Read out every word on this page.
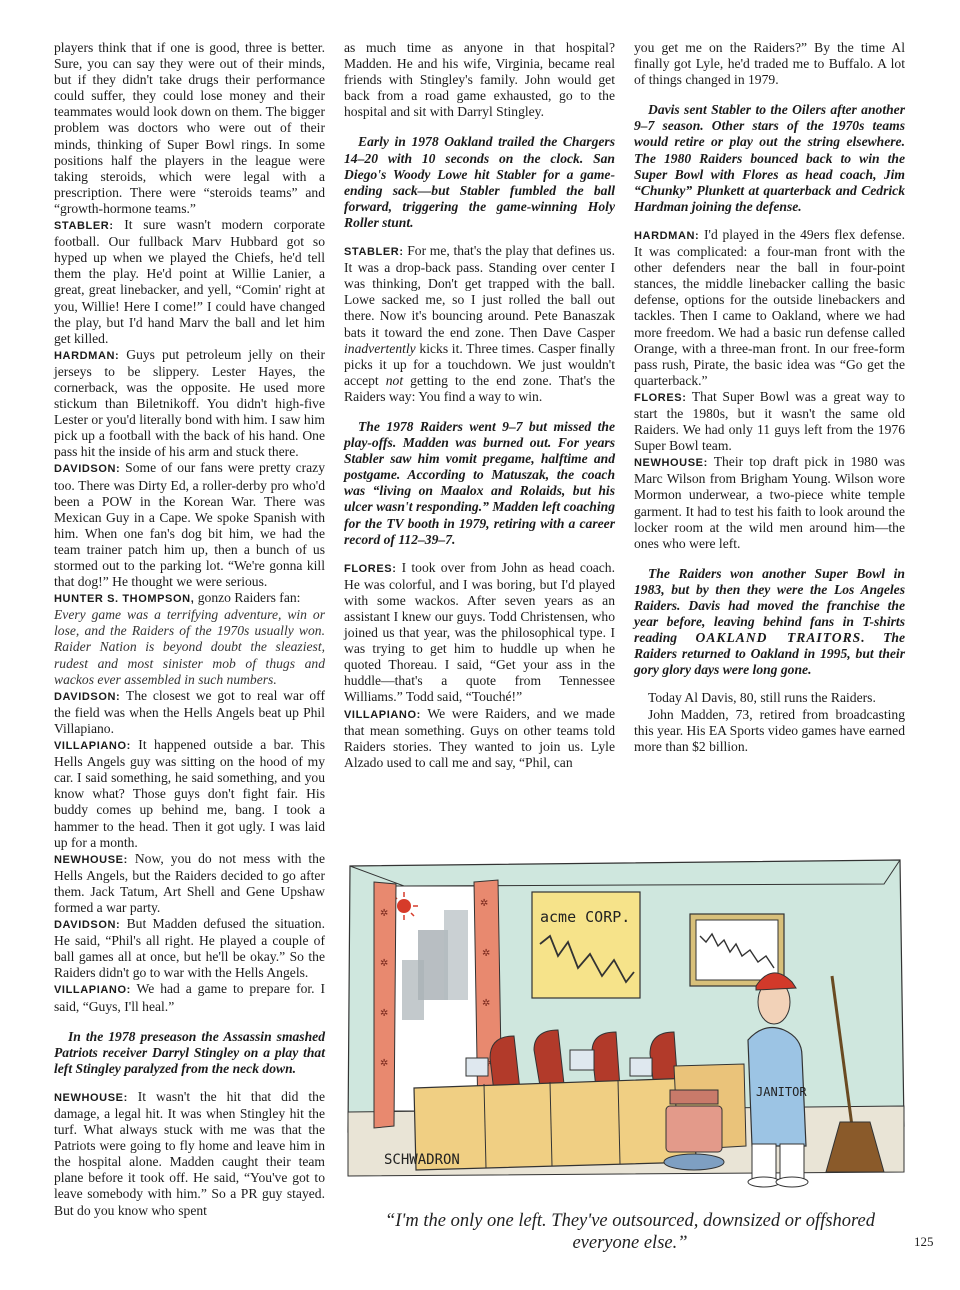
players think that if one is good, three is better. Sure, you can say they were out of their minds, but if they didn't take drugs their performance could suffer, they could lose money and their teammates would look down on them. The bigger problem was doctors who were out of their minds, thinking of Super Bowl rings. In some positions half the players in the league were taking steroids, which were legal with a prescription. There were “steroids teams” and “growth-hormone teams.”

STABLER: It sure wasn't modern corporate football. Our fullback Marv Hubbard got so hyped up when we played the Chiefs, he'd tell them the play. He'd point at Willie Lanier, a great, great linebacker, and yell, “Comin' right at you, Willie! Here I come!” I could have changed the play, but I'd hand Marv the ball and let him get killed.

HARDMAN: Guys put petroleum jelly on their jerseys to be slippery. Lester Hayes, the cornerback, was the opposite. He used more stickum than Biletnikoff. You didn't high-five Lester or you'd literally bond with him. I saw him pick up a football with the back of his hand. One pass hit the inside of his arm and stuck there.

DAVIDSON: Some of our fans were pretty crazy too. There was Dirty Ed, a roller-derby pro who'd been a POW in the Korean War. There was Mexican Guy in a Cape. We spoke Spanish with him. When one fan's dog bit him, we had the team trainer patch him up, then a bunch of us stormed out to the parking lot. “We're gonna kill that dog!” He thought we were serious.

HUNTER S. THOMPSON, gonzo Raiders fan:

Every game was a terrifying adventure, win or lose, and the Raiders of the 1970s usually won. Raider Nation is beyond doubt the sleaziest, rudest and most sinister mob of thugs and wackos ever assembled in such numbers.

DAVIDSON: The closest we got to real war off the field was when the Hells Angels beat up Phil Villapiano.

VILLAPIANO: It happened outside a bar. This Hells Angels guy was sitting on the hood of my car. I said something, he said something, and you know what? Those guys don't fight fair. His buddy comes up behind me, bang. I took a hammer to the head. Then it got ugly. I was laid up for a month.

NEWHOUSE: Now, you do not mess with the Hells Angels, but the Raiders decided to go after them. Jack Tatum, Art Shell and Gene Upshaw formed a war party.

DAVIDSON: But Madden defused the situation. He said, “Phil's all right. He played a couple of ball games all at once, but he'll be okay.” So the Raiders didn't go to war with the Hells Angels.

VILLAPIANO: We had a game to prepare for. I said, “Guys, I'll heal.”

In the 1978 preseason the Assassin smashed Patriots receiver Darryl Stingley on a play that left Stingley paralyzed from the neck down.

NEWHOUSE: It wasn't the hit that did the damage, a legal hit. It was when Stingley hit the turf. What always stuck with me was that the Patriots were going to fly home and leave him in the hospital alone. Madden caught their team plane before it took off. He said, “You've got to leave somebody with him.” So a PR guy stayed. But do you know who spent

as much time as anyone in that hospital? Madden. He and his wife, Virginia, became real friends with Stingley's family. John would get back from a road game exhausted, go to the hospital and sit with Darryl Stingley.

Early in 1978 Oakland trailed the Chargers 14–20 with 10 seconds on the clock. San Diego's Woody Lowe hit Stabler for a game-ending sack—but Stabler fumbled the ball forward, triggering the game-winning Holy Roller stunt.

STABLER: For me, that's the play that defines us. It was a drop-back pass. Standing over center I was thinking, Don't get trapped with the ball. Lowe sacked me, so I just rolled the ball out there. Now it's bouncing around. Pete Banaszak bats it toward the end zone. Then Dave Casper inadvertently kicks it. Three times. Casper finally picks it up for a touchdown. We just wouldn't accept not getting to the end zone. That's the Raiders way: You find a way to win.

The 1978 Raiders went 9–7 but missed the play-offs. Madden was burned out. For years Stabler saw him vomit pregame, halftime and postgame. According to Matuszak, the coach was “living on Maalox and Rolaids, but his ulcer wasn't responding.” Madden left coaching for the TV booth in 1979, retiring with a career record of 112–39–7.

FLORES: I took over from John as head coach. He was colorful, and I was boring, but I'd played with some wackos. After seven years as an assistant I knew our guys. Todd Christensen, who joined us that year, was the philosophical type. I was trying to get him to huddle up when he quoted Thoreau. I said, “Get your ass in the huddle—that's a quote from Tennessee Williams.” Todd said, “Touché!”

VILLAPIANO: We were Raiders, and we made that mean something. Guys on other teams told Raiders stories. They wanted to join us. Lyle Alzado used to call me and say, “Phil, can

you get me on the Raiders?” By the time Al finally got Lyle, he'd traded me to Buffalo. A lot of things changed in 1979.

Davis sent Stabler to the Oilers after another 9–7 season. Other stars of the 1970s teams would retire or play out the string elsewhere. The 1980 Raiders bounced back to win the Super Bowl with Flores as head coach, Jim “Chunky” Plunkett at quarterback and Cedrick Hardman joining the defense.

HARDMAN: I'd played in the 49ers flex defense. It was complicated: a four-man front with the other defenders near the ball in four-point stances, the middle linebacker calling the basic defense, options for the outside linebackers and tackles. Then I came to Oakland, where we had more freedom. We had a basic run defense called Orange, with a three-man front. In our free-form pass rush, Pirate, the basic idea was “Go get the quarterback.”

FLORES: That Super Bowl was a great way to start the 1980s, but it wasn't the same old Raiders. We had only 11 guys left from the 1976 Super Bowl team.

NEWHOUSE: Their top draft pick in 1980 was Marc Wilson from Brigham Young. Wilson wore Mormon underwear, a two-piece white temple garment. It had to test his faith to look around the locker room at the wild men around him—the ones who were left.

The Raiders won another Super Bowl in 1983, but by then they were the Los Angeles Raiders. Davis had moved the franchise the year before, leaving behind fans in T-shirts reading OAKLAND TRAITORS. The Raiders returned to Oakland in 1995, but their gory glory days were long gone.

Today Al Davis, 80, still runs the Raiders.

John Madden, 73, retired from broadcasting this year. His EA Sports video games have earned more than $2 billion.

✲
✲
✲
✲
✲
✲
✲
acme CORP.
JANITOR
SCHWADRON
“I'm the only one left. They've outsourced, downsized or offshored everyone else.”	125
